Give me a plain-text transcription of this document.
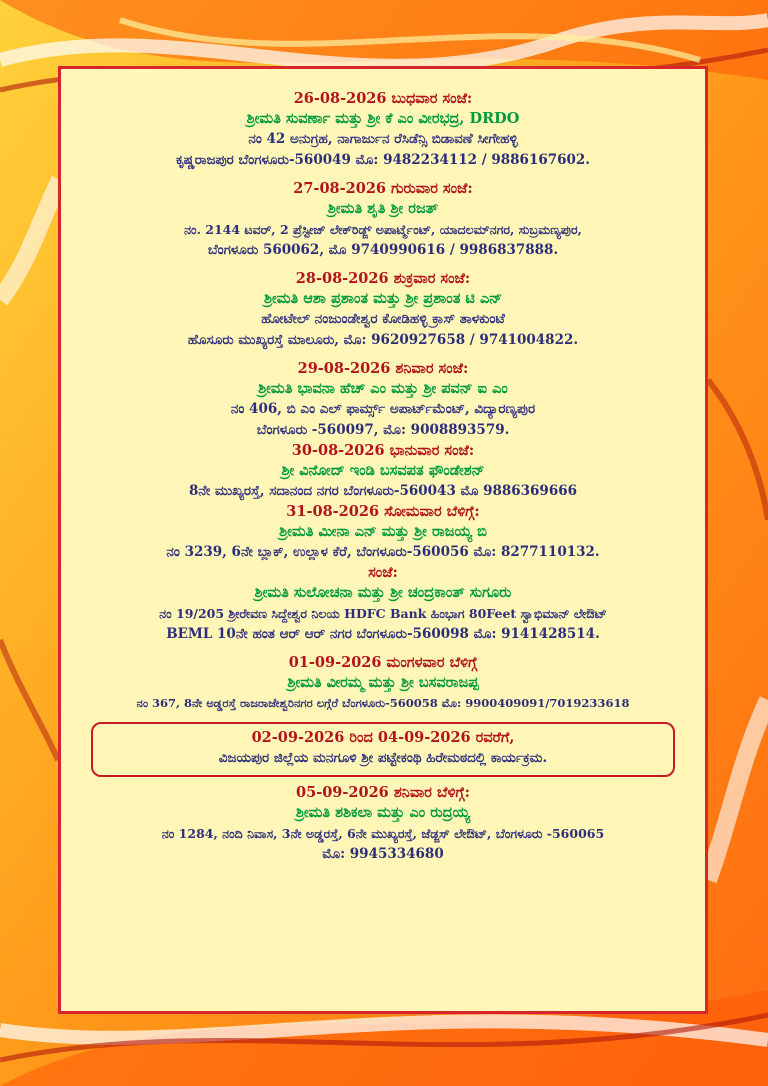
26-08-2026 ಬುಧವಾರ ಸಂಜೆ:
ಶ್ರೀಮತಿ ಸುವರ್ಣಾ ಮತ್ತು ಶ್ರೀ ಕೆ ಎಂ ವೀರಭದ್ರ, DRDO
ನಂ 42 ಅನುಗ್ರಹ, ನಾಗಾರ್ಜುನ ರೆಸಿಡೆನ್ಸಿ ಬಿಡಾವಣೆ ಸೀಗೇಹಳ್ಳಿ
ಕೃಷ್ಣರಾಜಪುರ ಬೆಂಗಳೂರು-560049 ಮೊ: 9482234112 / 9886167602.
27-08-2026 ಗುರುವಾರ ಸಂಜೆ:
ಶ್ರೀಮತಿ ಶೃತಿ ಶ್ರೀ ರಜತ್
ನಂ. 2144 ಟವರ್, 2 ಪ್ರೆಸ್ಟೀಜ್ ಲೇಕ್‌ರಿಡ್ಜ್ ಅಪಾರ್ಟ್ಮೆಂಟ್, ಯಾದಲಮ್‌ನಗರ, ಸುಬ್ರಮಣ್ಯಪುರ,
ಬೆಂಗಳೂರು 560062, ಮೊ 9740990616 / 9986837888.
28-08-2026 ಶುಕ್ರವಾರ ಸಂಜೆ:
ಶ್ರೀಮತಿ ಆಶಾ ಪ್ರಶಾಂತ ಮತ್ತು ಶ್ರೀ ಪ್ರಶಾಂತ ಟಿ ಎನ್
ಹೋಟೇಲ್ ನಂಜುಂಡೇಶ್ವರ ಕೋಡಿಹಳ್ಳಿ ಕ್ರಾಸ್ ತಾಳಕುಂಟೆ
ಹೊಸೂರು ಮುಖ್ಯರಸ್ತೆ ಮಾಲೂರು, ಮೊ: 9620927658 / 9741004822.
29-08-2026 ಶನಿವಾರ ಸಂಜೆ:
ಶ್ರೀಮತಿ ಭಾವನಾ ಹೆಚ್ ಎಂ ಮತ್ತು ಶ್ರೀ ಪವನ್ ಐ ಎಂ
ನಂ 406, ಬಿ ಎಂ ಎಲ್ ಫಾರ್ಮ್ಸ್ ಅಪಾರ್ಟ್‌ಮೆಂಟ್, ವಿದ್ಯಾರಣ್ಯಪುರ
ಬೆಂಗಳೂರು -560097, ಮೊ: 9008893579.
30-08-2026 ಭಾನುವಾರ ಸಂಜೆ:
ಶ್ರೀ ವಿನೋದ್ ಇಂಡಿ ಬಸವಪತ ಫೌಂಡೇಶನ್
8ನೇ ಮುಖ್ಯರಸ್ತೆ, ಸದಾನಂದ ನಗರ ಬೆಂಗಳೂರು-560043 ಮೊ 9886369666
31-08-2026 ಸೋಮವಾರ ಬೆಳಿಗ್ಗೆ:
ಶ್ರೀಮತಿ ಮೀನಾ ಎನ್ ಮತ್ತು ಶ್ರೀ ರಾಜಯ್ಯ ಬಿ
ನಂ 3239, 6ನೇ ಬ್ಲಾಕ್, ಉಲ್ಲಾಳ ಕೆರೆ, ಬೆಂಗಳೂರು-560056 ಮೊ: 8277110132.
ಸಂಜೆ:
ಶ್ರೀಮತಿ ಸುಲೋಚನಾ ಮತ್ತು ಶ್ರೀ ಚಂದ್ರಕಾಂತ್ ಸುಗೂರು
ನಂ 19/205 ಶ್ರೀರೇವಣ ಸಿದ್ದೇಶ್ವರ ನಿಲಯ HDFC Bank ಹಿಂಭಾಗ 80Feet ಸ್ವಾಭಿಮಾನ್ ಲೇಔಟ್
BEML 10ನೇ ಹಂತ ಆರ್ ಆರ್ ನಗರ ಬೆಂಗಳೂರು-560098 ಮೊ: 9141428514.
01-09-2026 ಮಂಗಳವಾರ ಬೆಳಿಗ್ಗೆ
ಶ್ರೀಮತಿ ವೀರಮ್ಮ ಮತ್ತು ಶ್ರೀ ಬಸವರಾಜಪ್ಪ
ನಂ 367, 8ನೇ ಅಡ್ಡರಸ್ತೆ ರಾಜರಾಜೇಶ್ವರಿನಗರ ಲಗ್ಗೆರೆ ಬೆಂಗಳೂರು-560058 ಮೊ: 9900409091/7019233618
02-09-2026 ರಿಂದ 04-09-2026 ರವರೆಗೆ,
ವಿಜಯಪುರ ಜಿಲ್ಲೆಯ ಮನಗೂಳಿ ಶ್ರೀ ಪಟ್ಟೇಕಂಥಿ ಹಿರೇಮಠದಲ್ಲಿ ಕಾರ್ಯಕ್ರಮ.
05-09-2026 ಶನಿವಾರ ಬೆಳಿಗ್ಗೆ:
ಶ್ರೀಮತಿ ಶಶಿಕಲಾ ಮತ್ತು ಎಂ ರುದ್ರಯ್ಯ
ನಂ 1284, ನಂದಿ ನಿವಾಸ, 3ನೇ ಅಡ್ಡರಸ್ತೆ, 6ನೇ ಮುಖ್ಯರಸ್ತೆ, ಜೆಡ್ಜಸ್ ಲೇಔಟ್, ಬೆಂಗಳೂರು -560065
ಮೊ: 9945334680
